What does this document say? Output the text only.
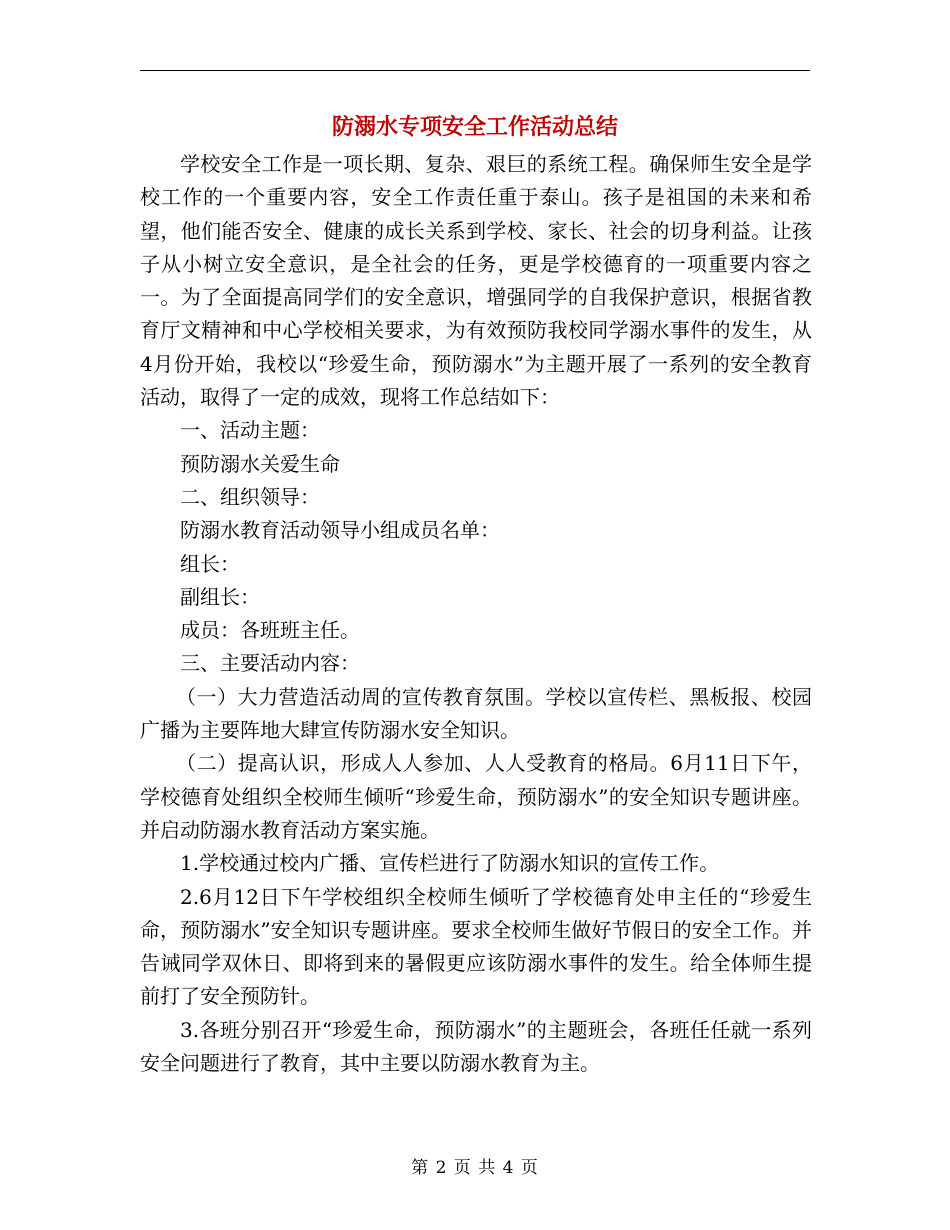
防溺水专项安全工作活动总结

学校安全工作是一项长期、复杂、艰巨的系统工程。确保师生安全是学校工作的一个重要内容，安全工作责任重于泰山。孩子是祖国的未来和希望，他们能否安全、健康的成长关系到学校、家长、社会的切身利益。让孩子从小树立安全意识，是全社会的任务，更是学校德育的一项重要内容之一。为了全面提高同学们的安全意识，增强同学的自我保护意识，根据省教育厅文精神和中心学校相关要求，为有效预防我校同学溺水事件的发生，从4月份开始，我校以“珍爱生命，预防溺水”为主题开展了一系列的安全教育活动，取得了一定的成效，现将工作总结如下：

一、活动主题：

预防溺水关爱生命

二、组织领导：

防溺水教育活动领导小组成员名单：

组长：

副组长：

成员：各班班主任。

三、主要活动内容：

（一）大力营造活动周的宣传教育氛围。学校以宣传栏、黑板报、校园广播为主要阵地大肆宣传防溺水安全知识。

（二）提高认识，形成人人参加、人人受教育的格局。6月11日下午，学校德育处组织全校师生倾听“珍爱生命，预防溺水”的安全知识专题讲座。并启动防溺水教育活动方案实施。

1.学校通过校内广播、宣传栏进行了防溺水知识的宣传工作。

2.6月12日下午学校组织全校师生倾听了学校德育处申主任的“珍爱生命，预防溺水”安全知识专题讲座。要求全校师生做好节假日的安全工作。并告诫同学双休日、即将到来的暑假更应该防溺水事件的发生。给全体师生提前打了安全预防针。

3.各班分别召开“珍爱生命，预防溺水”的主题班会，各班任任就一系列安全问题进行了教育，其中主要以防溺水教育为主。

第 2 页 共 4 页
